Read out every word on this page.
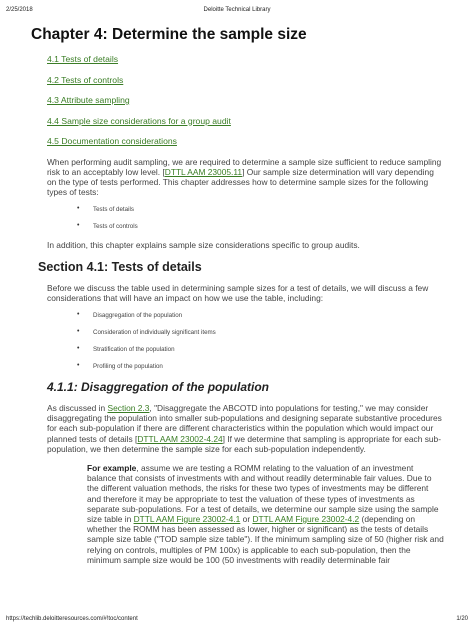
2/25/2018	Deloitte Technical Library
Chapter 4: Determine the sample size
4.1 Tests of details
4.2 Tests of controls
4.3 Attribute sampling
4.4 Sample size considerations for a group audit
4.5 Documentation considerations

When performing audit sampling, we are required to determine a sample size sufficient to reduce sampling risk to an acceptably low level. [DTTL AAM 23005.11] Our sample size determination will vary depending on the type of tests performed. This chapter addresses how to determine sample sizes for the following types of tests:

• Tests of details
• Tests of controls

In addition, this chapter explains sample size considerations specific to group audits.

Section 4.1: Tests of details

Before we discuss the table used in determining sample sizes for a test of details, we will discuss a few considerations that will have an impact on how we use the table, including:

• Disaggregation of the population
• Consideration of individually significant items
• Stratification of the population
• Profiling of the population
4.1.1: Disaggregation of the population

As discussed in Section 2.3, "Disaggregate the ABCOTD into populations for testing," we may consider disaggregating the population into smaller sub-populations and designing separate substantive procedures for each sub-population if there are different characteristics within the population which would impact our planned tests of details [DTTL AAM 23002-4.24] If we determine that sampling is appropriate for each sub-population, we then determine the sample size for each sub-population independently.

For example, assume we are testing a ROMM relating to the valuation of an investment balance that consists of investments with and without readily determinable fair values. Due to the different valuation methods, the risks for these two types of investments may be different and therefore it may be appropriate to test the valuation of these types of investments as separate sub-populations. For a test of details, we determine our sample size using the sample size table in DTTL AAM Figure 23002-4.1 or DTTL AAM Figure 23002-4.2 (depending on whether the ROMM has been assessed as lower, higher or significant) as the tests of details sample size table ("TOD sample size table"). If the minimum sampling size of 50 (higher risk and relying on controls, multiples of PM 100x) is applicable to each sub-population, then the minimum sample size would be 100 (50 investments with readily determinable fair
https://techlib.deloitteresources.com/#!toc/content	1/20
